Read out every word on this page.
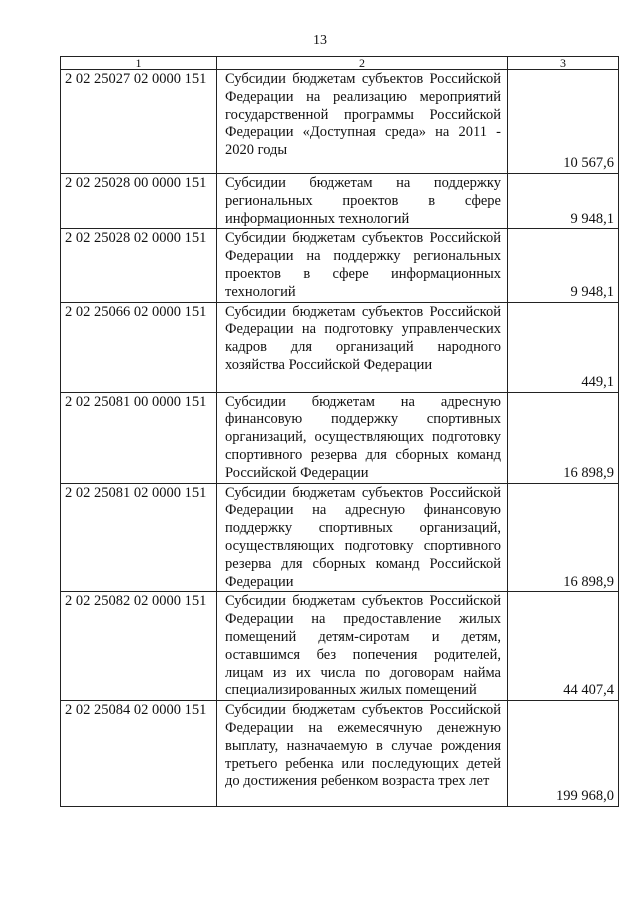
13
1	2	3
2 02 25027 02 0000 151	Субсидии бюджетам субъектов Российской Федерации на реализацию мероприятий государственной программы Российской Федерации «Доступная среда» на 2011 - 2020 годы	10 567,6
2 02 25028 00 0000 151	Субсидии бюджетам на поддержку региональных проектов в сфере информационных технологий	9 948,1
2 02 25028 02 0000 151	Субсидии бюджетам субъектов Российской Федерации на поддержку региональных проектов в сфере информационных технологий	9 948,1
2 02 25066 02 0000 151	Субсидии бюджетам субъектов Российской Федерации на подготовку управленческих кадров для организаций народного хозяйства Российской Федерации	449,1
2 02 25081 00 0000 151	Субсидии бюджетам на адресную финансовую поддержку спортивных организаций, осуществляющих подготовку спортивного резерва для сборных команд Российской Федерации	16 898,9
2 02 25081 02 0000 151	Субсидии бюджетам субъектов Российской Федерации на адресную финансовую поддержку спортивных организаций, осуществляющих подготовку спортивного резерва для сборных команд Российской Федерации	16 898,9
2 02 25082 02 0000 151	Субсидии бюджетам субъектов Российской Федерации на предоставление жилых помещений детям-сиротам и детям, оставшимся без попечения родителей, лицам из их числа по договорам найма специализированных жилых помещений	44 407,4
2 02 25084 02 0000 151	Субсидии бюджетам субъектов Российской Федерации на ежемесячную денежную выплату, назначаемую в случае рождения третьего ребенка или последующих детей до достижения ребенком возраста трех лет	199 968,0
